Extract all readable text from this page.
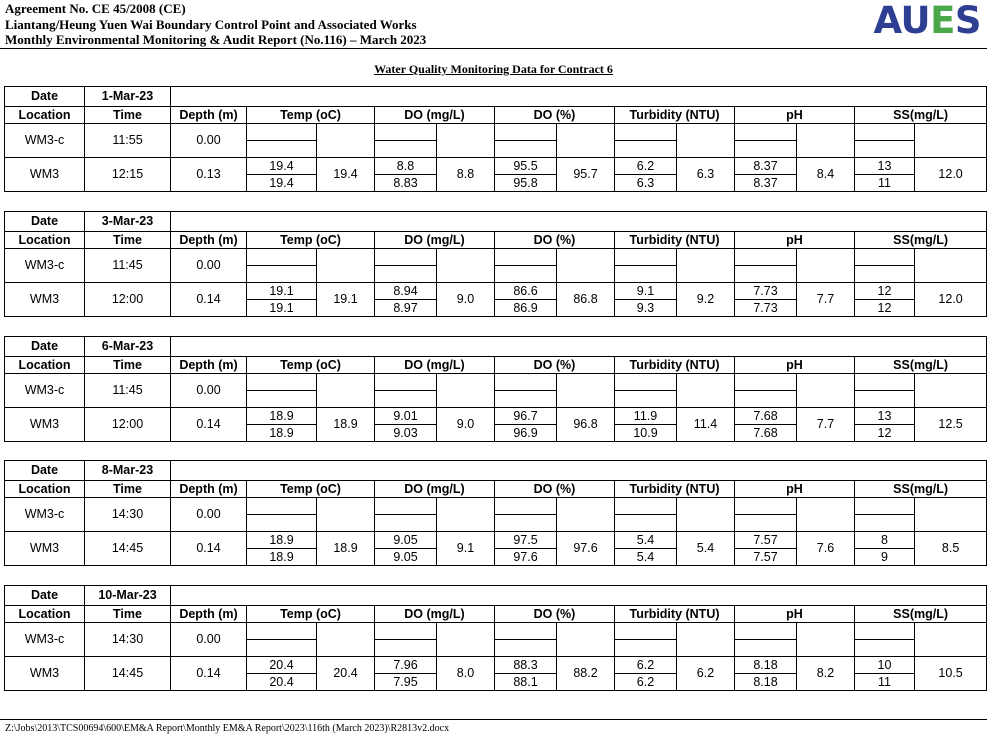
Agreement No. CE 45/2008 (CE)
Liantang/Heung Yuen Wai Boundary Control Point and Associated Works
Monthly Environmental Monitoring & Audit Report (No.116) – March 2023	AUES
Water Quality Monitoring Data for Contract 6
Date	1-Mar-23													
Location	Time	Depth (m)	Temp (oC)		DO (mg/L)		DO (%)		Turbidity (NTU)		pH		SS(mg/L)	
WM3-c	11:55	0.00												

WM3	12:15	0.13	19.4	19.4	8.8	8.8	95.5	95.7	6.2	6.3	8.37	8.4	13	12.0
			19.4		8.83		95.8		6.3		8.37		11	
Date	3-Mar-23													
Location	Time	Depth (m)	Temp (oC)		DO (mg/L)		DO (%)		Turbidity (NTU)		pH		SS(mg/L)	
WM3-c	11:45	0.00												

WM3	12:00	0.14	19.1	19.1	8.94	9.0	86.6	86.8	9.1	9.2	7.73	7.7	12	12.0
			19.1		8.97		86.9		9.3		7.73		12	
Date	6-Mar-23													
Location	Time	Depth (m)	Temp (oC)		DO (mg/L)		DO (%)		Turbidity (NTU)		pH		SS(mg/L)	
WM3-c	11:45	0.00												

WM3	12:00	0.14	18.9	18.9	9.01	9.0	96.7	96.8	11.9	11.4	7.68	7.7	13	12.5
			18.9		9.03		96.9		10.9		7.68		12	
Date	8-Mar-23													
Location	Time	Depth (m)	Temp (oC)		DO (mg/L)		DO (%)		Turbidity (NTU)		pH		SS(mg/L)	
WM3-c	14:30	0.00												

WM3	14:45	0.14	18.9	18.9	9.05	9.1	97.5	97.6	5.4	5.4	7.57	7.6	8	8.5
			18.9		9.05		97.6		5.4		7.57		9	
Date	10-Mar-23													
Location	Time	Depth (m)	Temp (oC)		DO (mg/L)		DO (%)		Turbidity (NTU)		pH		SS(mg/L)	
WM3-c	14:30	0.00												

WM3	14:45	0.14	20.4	20.4	7.96	8.0	88.3	88.2	6.2	6.2	8.18	8.2	10	10.5
			20.4		7.95		88.1		6.2		8.18		11	
Z:\Jobs\2013\TCS00694\600\EM&A Report\Monthly EM&A Report\2023\116th (March 2023)\R2813v2.docx
